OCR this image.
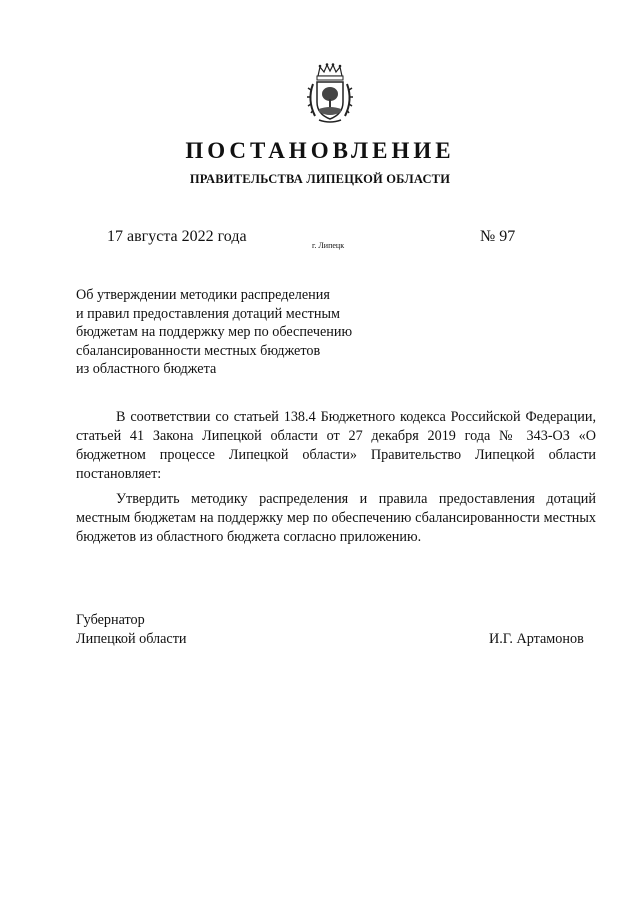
ПОСТАНОВЛЕНИЕ
ПРАВИТЕЛЬСТВА ЛИПЕЦКОЙ ОБЛАСТИ
17 августа 2022 года
г. Липецк
№ 97
Об утверждении методики распределения
и правил предоставления дотаций местным
бюджетам на поддержку мер по обеспечению
сбалансированности местных бюджетов
из областного бюджета

В соответствии со статьей 138.4 Бюджетного кодекса Российской Федерации, статьей 41 Закона Липецкой области от 27 декабря 2019 года № 343-ОЗ «О бюджетном процессе Липецкой области» Правительство Липецкой области постановляет:

Утвердить методику распределения и правила предоставления дотаций местным бюджетам на поддержку мер по обеспечению сбалансированности местных бюджетов из областного бюджета согласно приложению.

Губернатор
Липецкой области	И.Г. Артамонов
